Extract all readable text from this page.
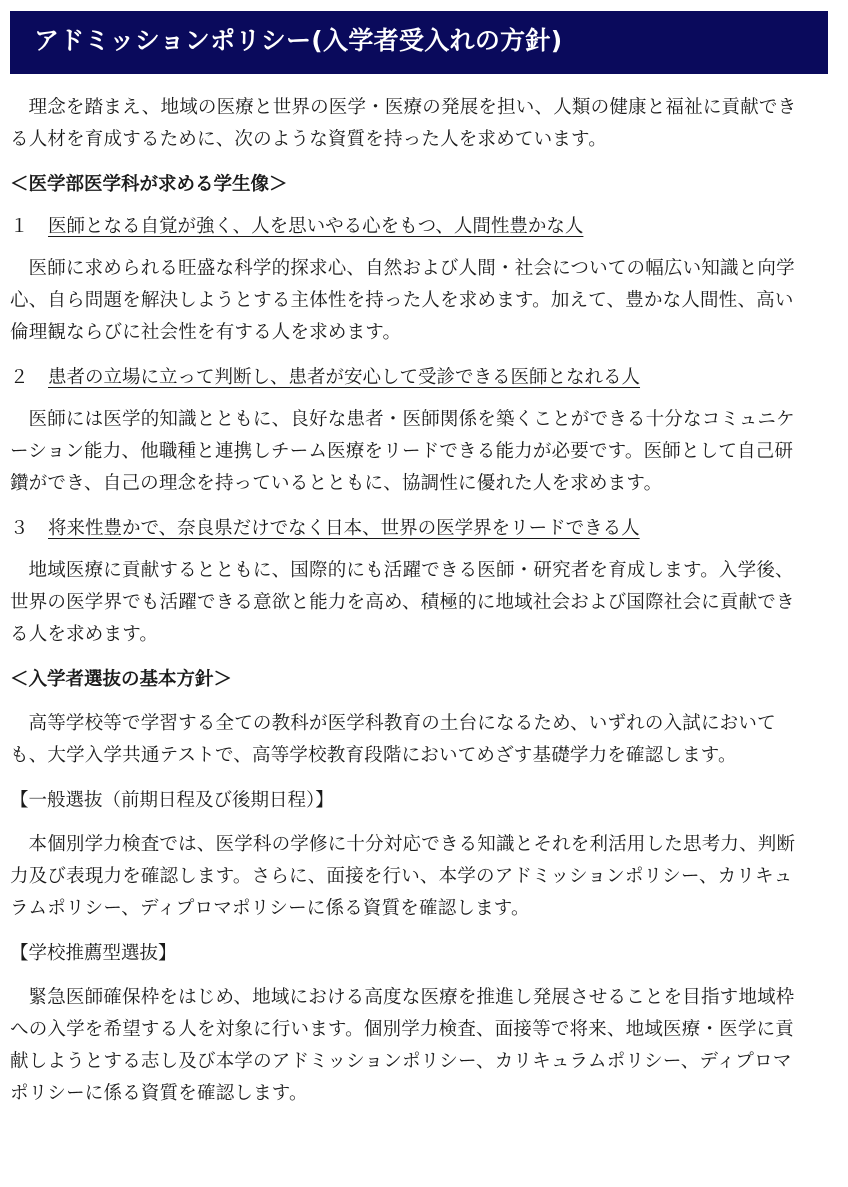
アドミッションポリシー(入学者受入れの方針)

理念を踏まえ、地域の医療と世界の医学・医療の発展を担い、人類の健康と福祉に貢献できる人材を育成するために、次のような資質を持った人を求めています。

＜医学部医学科が求める学生像＞
１ 医師となる自覚が強く、人を思いやる心をもつ、人間性豊かな人

医師に求められる旺盛な科学的探求心、自然および人間・社会についての幅広い知識と向学心、自ら問題を解決しようとする主体性を持った人を求めます。加えて、豊かな人間性、高い倫理観ならびに社会性を有する人を求めます。

２ 患者の立場に立って判断し、患者が安心して受診できる医師となれる人

医師には医学的知識とともに、良好な患者・医師関係を築くことができる十分なコミュニケーション能力、他職種と連携しチーム医療をリードできる能力が必要です。医師として自己研鑽ができ、自己の理念を持っているとともに、協調性に優れた人を求めます。

３ 将来性豊かで、奈良県だけでなく日本、世界の医学界をリードできる人

地域医療に貢献するとともに、国際的にも活躍できる医師・研究者を育成します。入学後、世界の医学界でも活躍できる意欲と能力を高め、積極的に地域社会および国際社会に貢献できる人を求めます。

＜入学者選抜の基本方針＞

高等学校等で学習する全ての教科が医学科教育の土台になるため、いずれの入試においても、大学入学共通テストで、高等学校教育段階においてめざす基礎学力を確認します。

【一般選抜（前期日程及び後期日程）】

本個別学力検査では、医学科の学修に十分対応できる知識とそれを利活用した思考力、判断力及び表現力を確認します。さらに、面接を行い、本学のアドミッションポリシー、カリキュラムポリシー、ディプロマポリシーに係る資質を確認します。

【学校推薦型選抜】

緊急医師確保枠をはじめ、地域における高度な医療を推進し発展させることを目指す地域枠への入学を希望する人を対象に行います。個別学力検査、面接等で将来、地域医療・医学に貢献しようとする志し及び本学のアドミッションポリシー、カリキュラムポリシー、ディプロマポリシーに係る資質を確認します。
